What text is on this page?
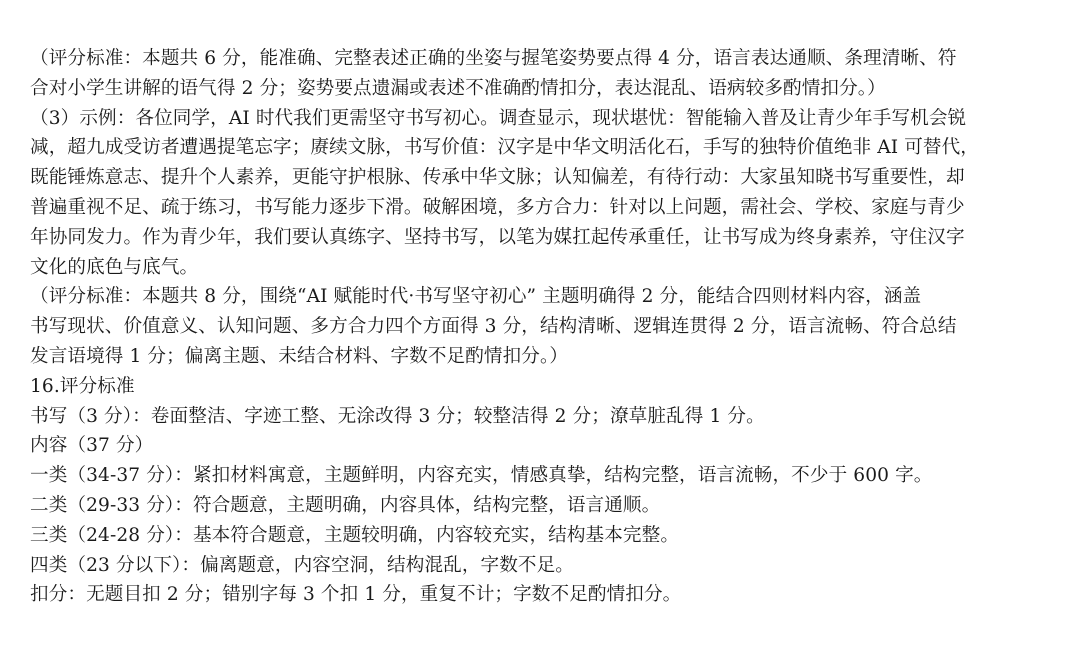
（评分标准：本题共 6 分，能准确、完整表述正确的坐姿与握笔姿势要点得 4 分，语言表达通顺、条理清晰、符
合对小学生讲解的语气得 2 分；姿势要点遗漏或表述不准确酌情扣分，表达混乱、语病较多酌情扣分。）
（3）示例：各位同学，AI 时代我们更需坚守书写初心。调查显示，现状堪忧：智能输入普及让青少年手写机会锐
减，超九成受访者遭遇提笔忘字；赓续文脉，书写价值：汉字是中华文明活化石，手写的独特价值绝非 AI 可替代，
既能锤炼意志、提升个人素养，更能守护根脉、传承中华文脉；认知偏差，有待行动：大家虽知晓书写重要性，却
普遍重视不足、疏于练习，书写能力逐步下滑。破解困境，多方合力：针对以上问题，需社会、学校、家庭与青少
年协同发力。作为青少年，我们要认真练字、坚持书写，以笔为媒扛起传承重任，让书写成为终身素养，守住汉字
文化的底色与底气。
（评分标准：本题共 8 分，围绕“AI 赋能时代·书写坚守初心” 主题明确得 2 分，能结合四则材料内容，涵盖
书写现状、价值意义、认知问题、多方合力四个方面得 3 分，结构清晰、逻辑连贯得 2 分，语言流畅、符合总结
发言语境得 1 分；偏离主题、未结合材料、字数不足酌情扣分。）
16.评分标准
书写（3 分）：卷面整洁、字迹工整、无涂改得 3 分；较整洁得 2 分；潦草脏乱得 1 分。
内容（37 分）
一类（34-37 分）：紧扣材料寓意，主题鲜明，内容充实，情感真挚，结构完整，语言流畅，不少于 600 字。
二类（29-33 分）：符合题意，主题明确，内容具体，结构完整，语言通顺。
三类（24-28 分）：基本符合题意，主题较明确，内容较充实，结构基本完整。
四类（23 分以下）：偏离题意，内容空洞，结构混乱，字数不足。
扣分：无题目扣 2 分；错别字每 3 个扣 1 分，重复不计；字数不足酌情扣分。
